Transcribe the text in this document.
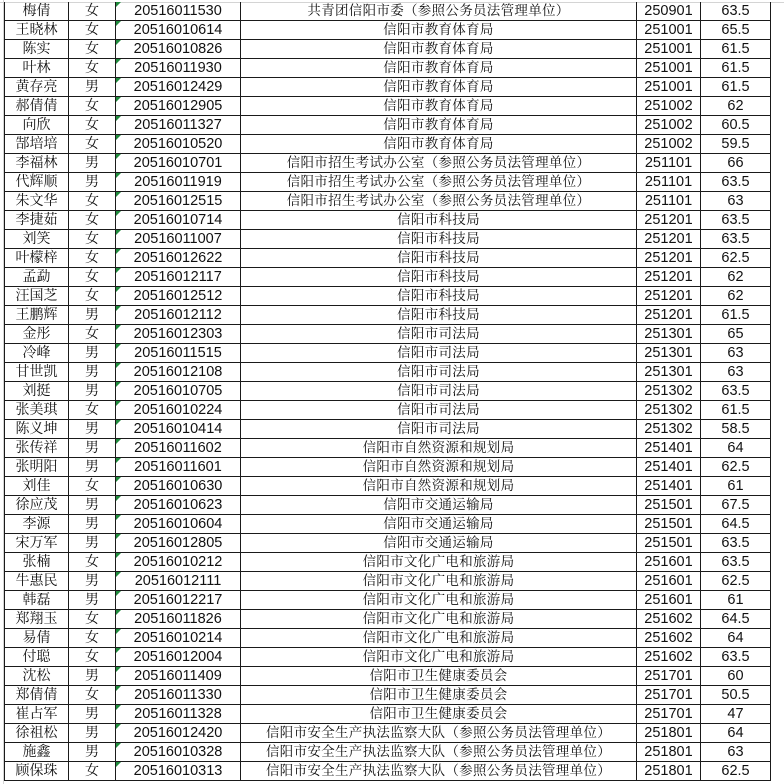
梅倩	女	20516011530	共青团信阳市委（参照公务员法管理单位）	250901	63.5
王晓林	女	20516010614	信阳市教育体育局	251001	65.5
陈实	女	20516010826	信阳市教育体育局	251001	61.5
叶林	女	20516011930	信阳市教育体育局	251001	61.5
黄存亮	男	20516012429	信阳市教育体育局	251001	61.5
郝倩倩	女	20516012905	信阳市教育体育局	251002	62
向欣	女	20516011327	信阳市教育体育局	251002	60.5
郜培培	女	20516010520	信阳市教育体育局	251002	59.5
李福林	男	20516010701	信阳市招生考试办公室（参照公务员法管理单位）	251101	66
代辉顺	男	20516011919	信阳市招生考试办公室（参照公务员法管理单位）	251101	63.5
朱文华	女	20516012515	信阳市招生考试办公室（参照公务员法管理单位）	251101	63
李捷茹	女	20516010714	信阳市科技局	251201	63.5
刘笑	女	20516011007	信阳市科技局	251201	63.5
叶檬梓	女	20516012622	信阳市科技局	251201	62.5
孟勐	女	20516012117	信阳市科技局	251201	62
汪国芝	女	20516012512	信阳市科技局	251201	62
王鹏辉	男	20516012112	信阳市科技局	251201	61.5
金彤	女	20516012303	信阳市司法局	251301	65
冷峰	男	20516011515	信阳市司法局	251301	63
甘世凯	男	20516012108	信阳市司法局	251301	63
刘挺	男	20516010705	信阳市司法局	251302	63.5
张美琪	女	20516010224	信阳市司法局	251302	61.5
陈义坤	男	20516010414	信阳市司法局	251302	58.5
张传祥	男	20516011602	信阳市自然资源和规划局	251401	64
张明阳	男	20516011601	信阳市自然资源和规划局	251401	62.5
刘佳	女	20516010630	信阳市自然资源和规划局	251401	61
徐应茂	男	20516010623	信阳市交通运输局	251501	67.5
李源	男	20516010604	信阳市交通运输局	251501	64.5
宋万军	男	20516012805	信阳市交通运输局	251501	63.5
张楠	女	20516010212	信阳市文化广电和旅游局	251601	63.5
牛惠民	男	20516012111	信阳市文化广电和旅游局	251601	62.5
韩磊	男	20516012217	信阳市文化广电和旅游局	251601	61
郑翔玉	女	20516011826	信阳市文化广电和旅游局	251602	64.5
易倩	女	20516010214	信阳市文化广电和旅游局	251602	64
付聪	女	20516012004	信阳市文化广电和旅游局	251602	63.5
沈松	男	20516011409	信阳市卫生健康委员会	251701	60
郑倩倩	女	20516011330	信阳市卫生健康委员会	251701	50.5
崔占军	男	20516011328	信阳市卫生健康委员会	251701	47
徐祖松	男	20516012420	信阳市安全生产执法监察大队（参照公务员法管理单位）	251801	64
施鑫	男	20516010328	信阳市安全生产执法监察大队（参照公务员法管理单位）	251801	63
顾保珠	女	20516010313	信阳市安全生产执法监察大队（参照公务员法管理单位）	251801	62.5
